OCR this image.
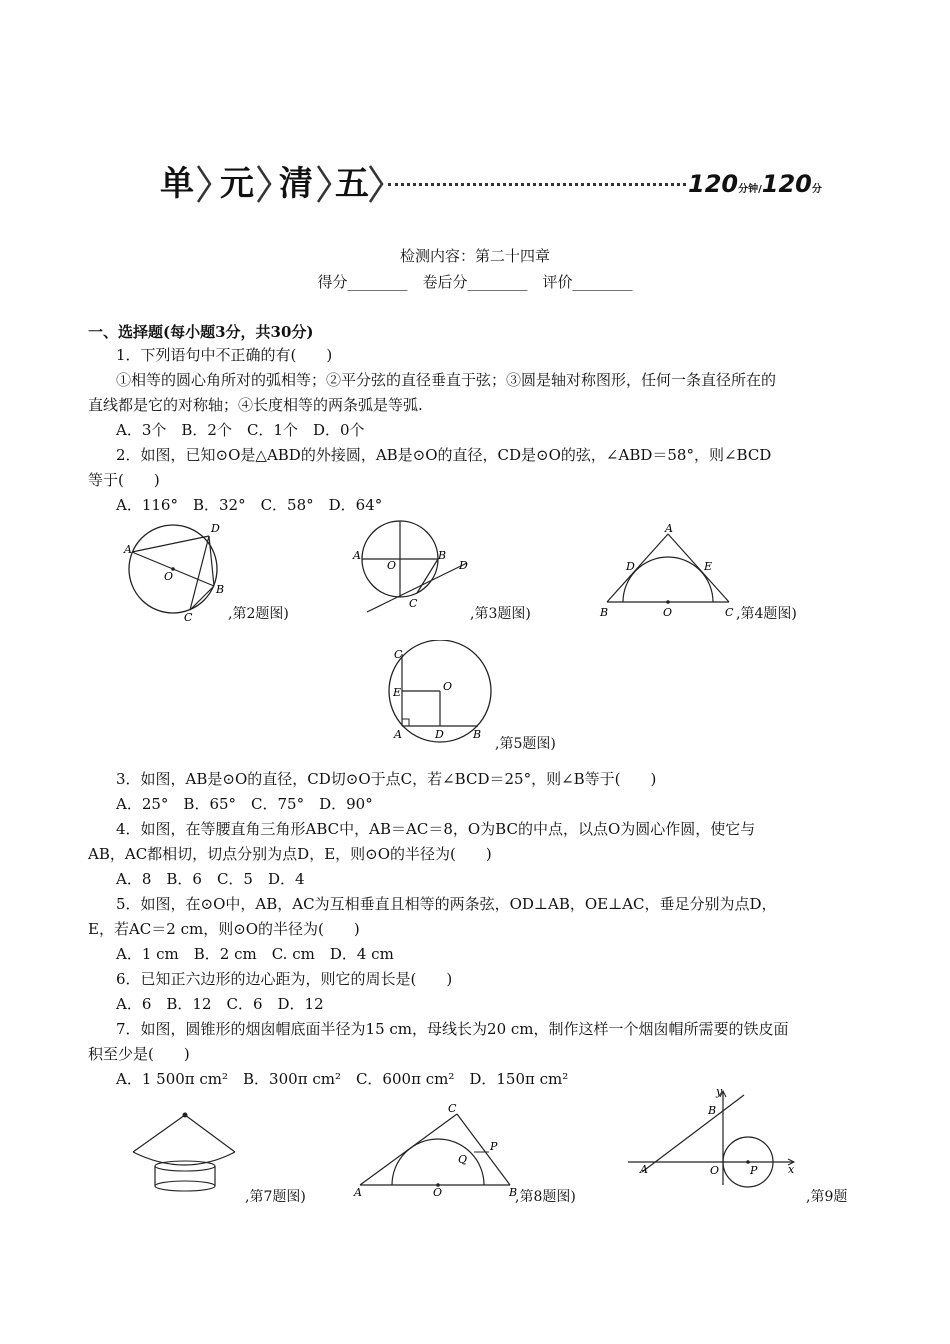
单 元 清 五	120分钟/120分
检测内容：第二十四章
得分________　卷后分________　评价________
一、选择题(每小题3分，共30分)
1．下列语句中不正确的有(　　)
①相等的圆心角所对的弧相等；②平分弦的直径垂直于弦；③圆是轴对称图形，任何一条直径所在的
直线都是它的对称轴；④长度相等的两条弧是等弧.
A．3个　B．2个　C．1个　D．0个
2．如图，已知⊙O是△ABD的外接圆，AB是⊙O的直径，CD是⊙O的弦，∠ABD＝58°，则∠BCD
等于(　　)
A．116°　B．32°　C．58°　D．64°
A
D
O
B
C	,第2题图)
A
O
B
C
D
,第3题图)
A
D	E
B	O	C ,第4题图)
C
E	O
A	D	B
,第5题图)
3．如图，AB是⊙O的直径，CD切⊙O于点C，若∠BCD＝25°，则∠B等于(　　)
A．25°　B．65°　C．75°　D．90°
4．如图，在等腰直角三角形ABC中，AB＝AC＝8，O为BC的中点，以点O为圆心作圆，使它与
AB，AC都相切，切点分别为点D，E，则⊙O的半径为(　　)
A．8　B．6　C．5　D．4
5．如图，在⊙O中，AB，AC为互相垂直且相等的两条弦，OD⊥AB，OE⊥AC，垂足分别为点D，
E，若AC＝2 cm，则⊙O的半径为(　　)
A．1 cm　B．2 cm　C. cm　D．4 cm
6．已知正六边形的边心距为，则它的周长是(　　)
A．6　B．12　C．6　D．12
7．如图，圆锥形的烟囱帽底面半径为15 cm，母线长为20 cm，制作这样一个烟囱帽所需要的铁皮面
积至少是(　　)
A．1 500π cm²　B．300π cm²　C．600π cm²　D．150π cm²
,第7题图)
C
P
Q
A	O	B
,第8题图)
y
B
A	O	P	x
,第9题
